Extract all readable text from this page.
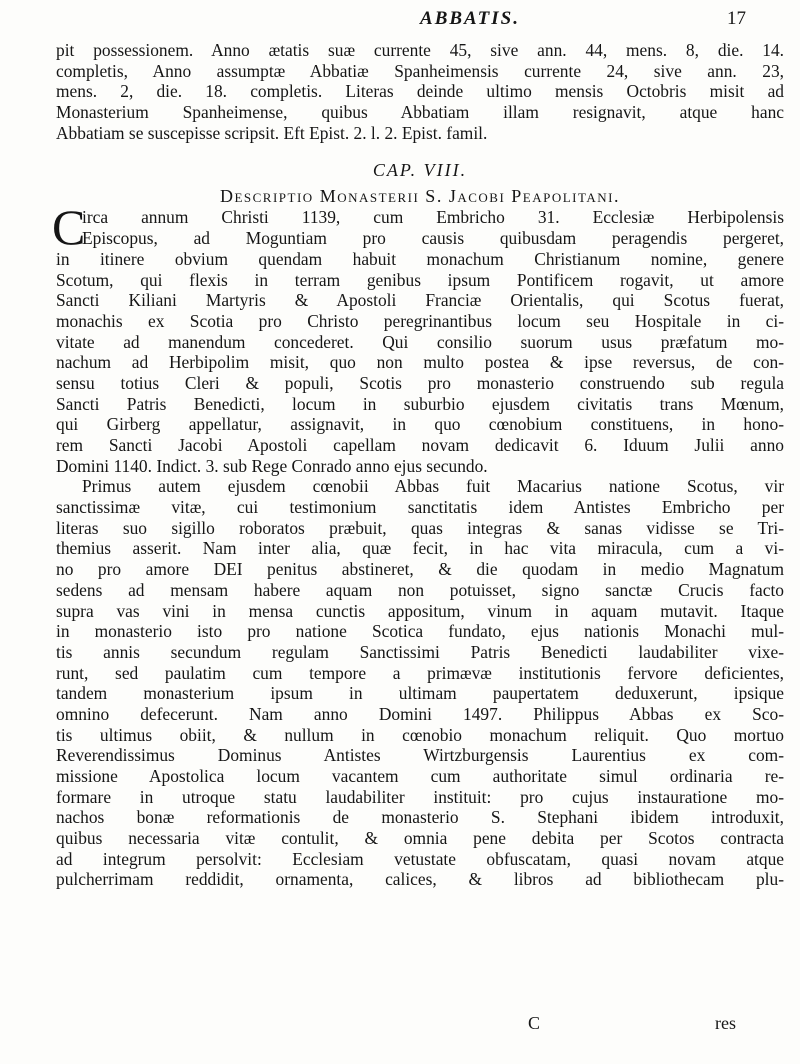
ABBATIS.	17
pit possessionem. Anno ætatis suæ currente 45, sive ann. 44, mens. 8, die. 14.
completis, Anno assumptæ Abbatiæ Spanheimensis currente 24, sive ann. 23,
mens. 2, die. 18. completis. Literas deinde ultimo mensis Octobris misit ad
Monasterium Spanheimense, quibus Abbatiam illam resignavit, atque hanc
Abbatiam se suscepisse scripsit. Eft Epist. 2. l. 2. Epist. famil.
CAP. VIII.
Descriptio Monasterii S. Jacobi Peapolitani.
C
irca annum Christi 1139, cum Embricho 31. Ecclesiæ Herbipolensis
Episcopus, ad Moguntiam pro causis quibusdam peragendis pergeret,
in itinere obvium quendam habuit monachum Christianum nomine, genere
Scotum, qui flexis in terram genibus ipsum Pontificem rogavit, ut amore
Sancti Kiliani Martyris & Apostoli Franciæ Orientalis, qui Scotus fuerat,
monachis ex Scotia pro Christo peregrinantibus locum seu Hospitale in ci-
vitate ad manendum concederet. Qui consilio suorum usus præfatum mo-
nachum ad Herbipolim misit, quo non multo postea & ipse reversus, de con-
sensu totius Cleri & populi, Scotis pro monasterio construendo sub regula
Sancti Patris Benedicti, locum in suburbio ejusdem civitatis trans Mœnum,
qui Girberg appellatur, assignavit, in quo cœnobium constituens, in hono-
rem Sancti Jacobi Apostoli capellam novam dedicavit 6. Iduum Julii anno
Domini 1140. Indict. 3. sub Rege Conrado anno ejus secundo.
Primus autem ejusdem cœnobii Abbas fuit Macarius natione Scotus, vir
sanctissimæ vitæ, cui testimonium sanctitatis idem Antistes Embricho per
literas suo sigillo roboratos præbuit, quas integras & sanas vidisse se Tri-
themius asserit. Nam inter alia, quæ fecit, in hac vita miracula, cum a vi-
no pro amore DEI penitus abstineret, & die quodam in medio Magnatum
sedens ad mensam habere aquam non potuisset, signo sanctæ Crucis facto
supra vas vini in mensa cunctis appositum, vinum in aquam mutavit. Itaque
in monasterio isto pro natione Scotica fundato, ejus nationis Monachi mul-
tis annis secundum regulam Sanctissimi Patris Benedicti laudabiliter vixe-
runt, sed paulatim cum tempore a primævæ institutionis fervore deficientes,
tandem monasterium ipsum in ultimam paupertatem deduxerunt, ipsique
omnino defecerunt. Nam anno Domini 1497. Philippus Abbas ex Sco-
tis ultimus obiit, & nullum in cœnobio monachum reliquit. Quo mortuo
Reverendissimus Dominus Antistes Wirtzburgensis Laurentius ex com-
missione Apostolica locum vacantem cum authoritate simul ordinaria re-
formare in utroque statu laudabiliter instituit: pro cujus instauratione mo-
nachos bonæ reformationis de monasterio S. Stephani ibidem introduxit,
quibus necessaria vitæ contulit, & omnia pene debita per Scotos contracta
ad integrum persolvit: Ecclesiam vetustate obfuscatam, quasi novam atque
pulcherrimam reddidit, ornamenta, calices, & libros ad bibliothecam plu-
C	res
